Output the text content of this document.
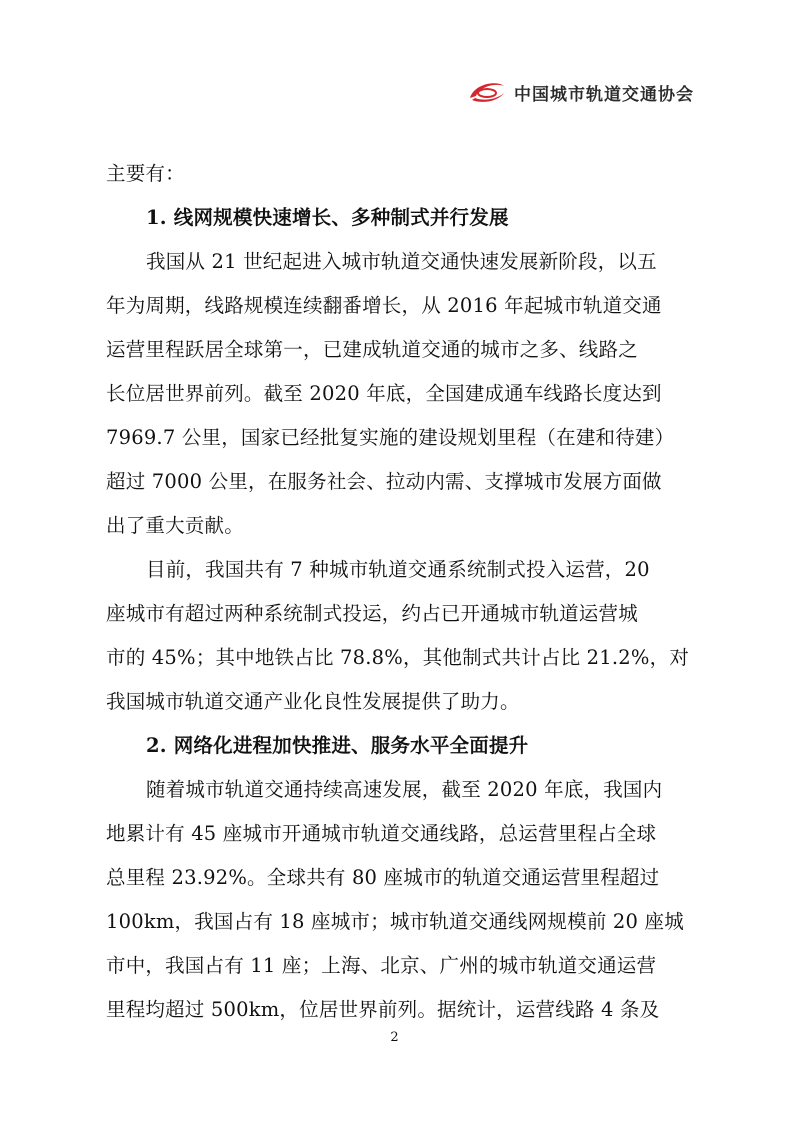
中国城市轨道交通协会
主要有：
1. 线网规模快速增长、多种制式并行发展
我国从 21 世纪起进入城市轨道交通快速发展新阶段，以五
年为周期，线路规模连续翻番增长，从 2016 年起城市轨道交通
运营里程跃居全球第一，已建成轨道交通的城市之多、线路之
长位居世界前列。截至 2020 年底，全国建成通车线路长度达到
7969.7 公里，国家已经批复实施的建设规划里程（在建和待建）
超过 7000 公里，在服务社会、拉动内需、支撑城市发展方面做
出了重大贡献。
目前，我国共有 7 种城市轨道交通系统制式投入运营，20
座城市有超过两种系统制式投运，约占已开通城市轨道运营城
市的 45%；其中地铁占比 78.8%，其他制式共计占比 21.2%，对
我国城市轨道交通产业化良性发展提供了助力。
2. 网络化进程加快推进、服务水平全面提升
随着城市轨道交通持续高速发展，截至 2020 年底，我国内
地累计有 45 座城市开通城市轨道交通线路，总运营里程占全球
总里程 23.92%。全球共有 80 座城市的轨道交通运营里程超过
100km，我国占有 18 座城市；城市轨道交通线网规模前 20 座城
市中，我国占有 11 座；上海、北京、广州的城市轨道交通运营
里程均超过 500km，位居世界前列。据统计，运营线路 4 条及
2
